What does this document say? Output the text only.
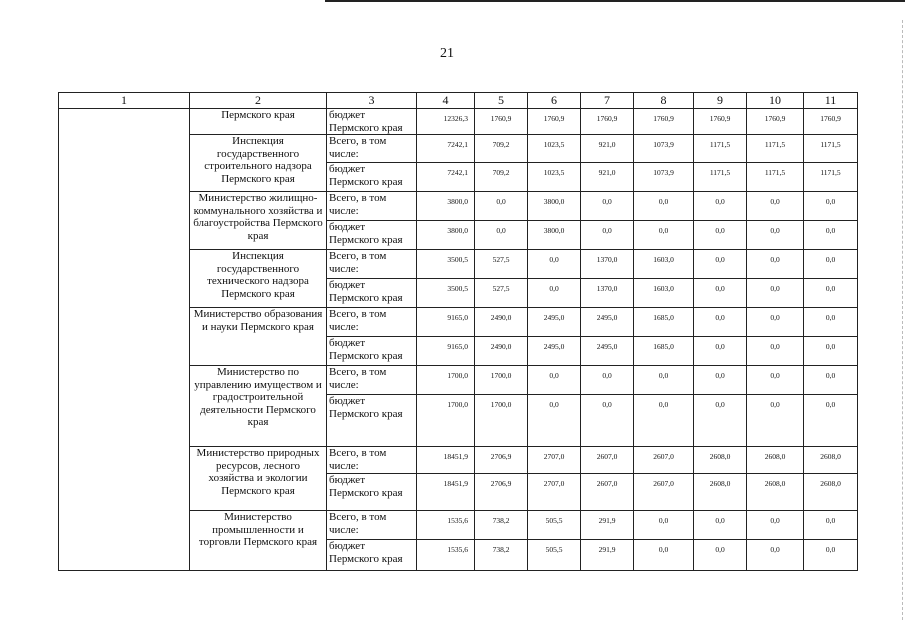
21
1	2	3	4	5	6	7	8	9	10	11
	Пермского края	бюджет Пермского края	12326,3	1760,9	1760,9	1760,9	1760,9	1760,9	1760,9	1760,9
	Инспекция государственного строительного надзора Пермского края	Всего, в том числе:	7242,1	709,2	1023,5	921,0	1073,9	1171,5	1171,5	1171,5
		бюджет Пермского края	7242,1	709,2	1023,5	921,0	1073,9	1171,5	1171,5	1171,5
	Министерство жилищно-коммунального хозяйства и благоустройства Пермского края	Всего, в том числе:	3800,0	0,0	3800,0	0,0	0,0	0,0	0,0	0,0
		бюджет Пермского края	3800,0	0,0	3800,0	0,0	0,0	0,0	0,0	0,0
	Инспекция государственного технического надзора Пермского края	Всего, в том числе:	3500,5	527,5	0,0	1370,0	1603,0	0,0	0,0	0,0
		бюджет Пермского края	3500,5	527,5	0,0	1370,0	1603,0	0,0	0,0	0,0
	Министерство образования и науки Пермского края	Всего, в том числе:	9165,0	2490,0	2495,0	2495,0	1685,0	0,0	0,0	0,0
		бюджет Пермского края	9165,0	2490,0	2495,0	2495,0	1685,0	0,0	0,0	0,0
	Министерство по управлению имуществом и градостроительной деятельности Пермского края	Всего, в том числе:	1700,0	1700,0	0,0	0,0	0,0	0,0	0,0	0,0
		бюджет Пермского края	1700,0	1700,0	0,0	0,0	0,0	0,0	0,0	0,0
	Министерство природных ресурсов, лесного хозяйства и экологии Пермского края	Всего, в том числе:	18451,9	2706,9	2707,0	2607,0	2607,0	2608,0	2608,0	2608,0
		бюджет Пермского края	18451,9	2706,9	2707,0	2607,0	2607,0	2608,0	2608,0	2608,0
	Министерство промышленности и торговли Пермского края	Всего, в том числе:	1535,6	738,2	505,5	291,9	0,0	0,0	0,0	0,0
		бюджет Пермского края	1535,6	738,2	505,5	291,9	0,0	0,0	0,0	0,0
